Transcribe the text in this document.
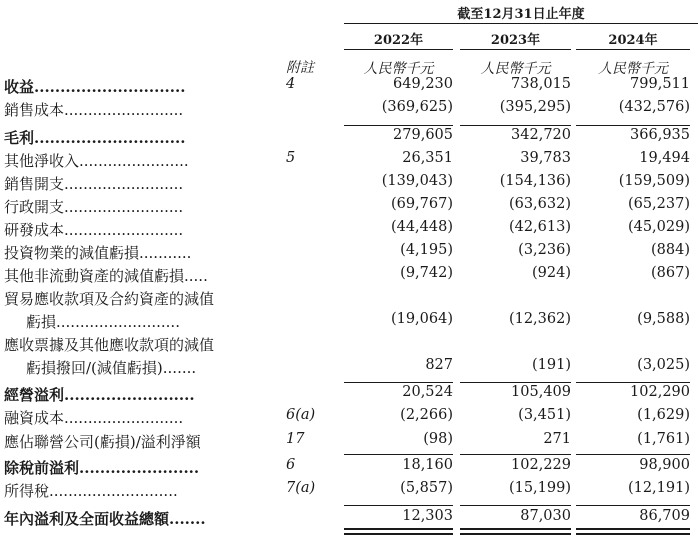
截至12月31日止年度
2022年	2023年	2024年
附註	人民幣千元	人民幣千元	人民幣千元
收益.............................	4	649,230	738,015	799,511
銷售成本.........................	(369,625)	(395,295)	(432,576)
毛利.............................	279,605	342,720	366,935
其他淨收入.......................	5	26,351	39,783	19,494
銷售開支.........................	(139,043)	(154,136)	(159,509)
行政開支.........................	(69,767)	(63,632)	(65,237)
研發成本.........................	(44,448)	(42,613)	(45,029)
投資物業的減值虧損...........	(4,195)	(3,236)	(884)
其他非流動資產的減值虧損.....	(9,742)	(924)	(867)
貿易應收款項及合約資產的減值
虧損..........................	(19,064)	(12,362)	(9,588)
應收票據及其他應收款項的減值
虧損撥回/(減值虧損).......	827	(191)	(3,025)
經營溢利.........................	20,524	105,409	102,290
融資成本.........................	6(a)	(2,266)	(3,451)	(1,629)
應佔聯營公司(虧損)/溢利淨額	17	(98)	271	(1,761)
除稅前溢利.......................	6	18,160	102,229	98,900
所得稅...........................	7(a)	(5,857)	(15,199)	(12,191)
年內溢利及全面收益總額.......	12,303	87,030	86,709
